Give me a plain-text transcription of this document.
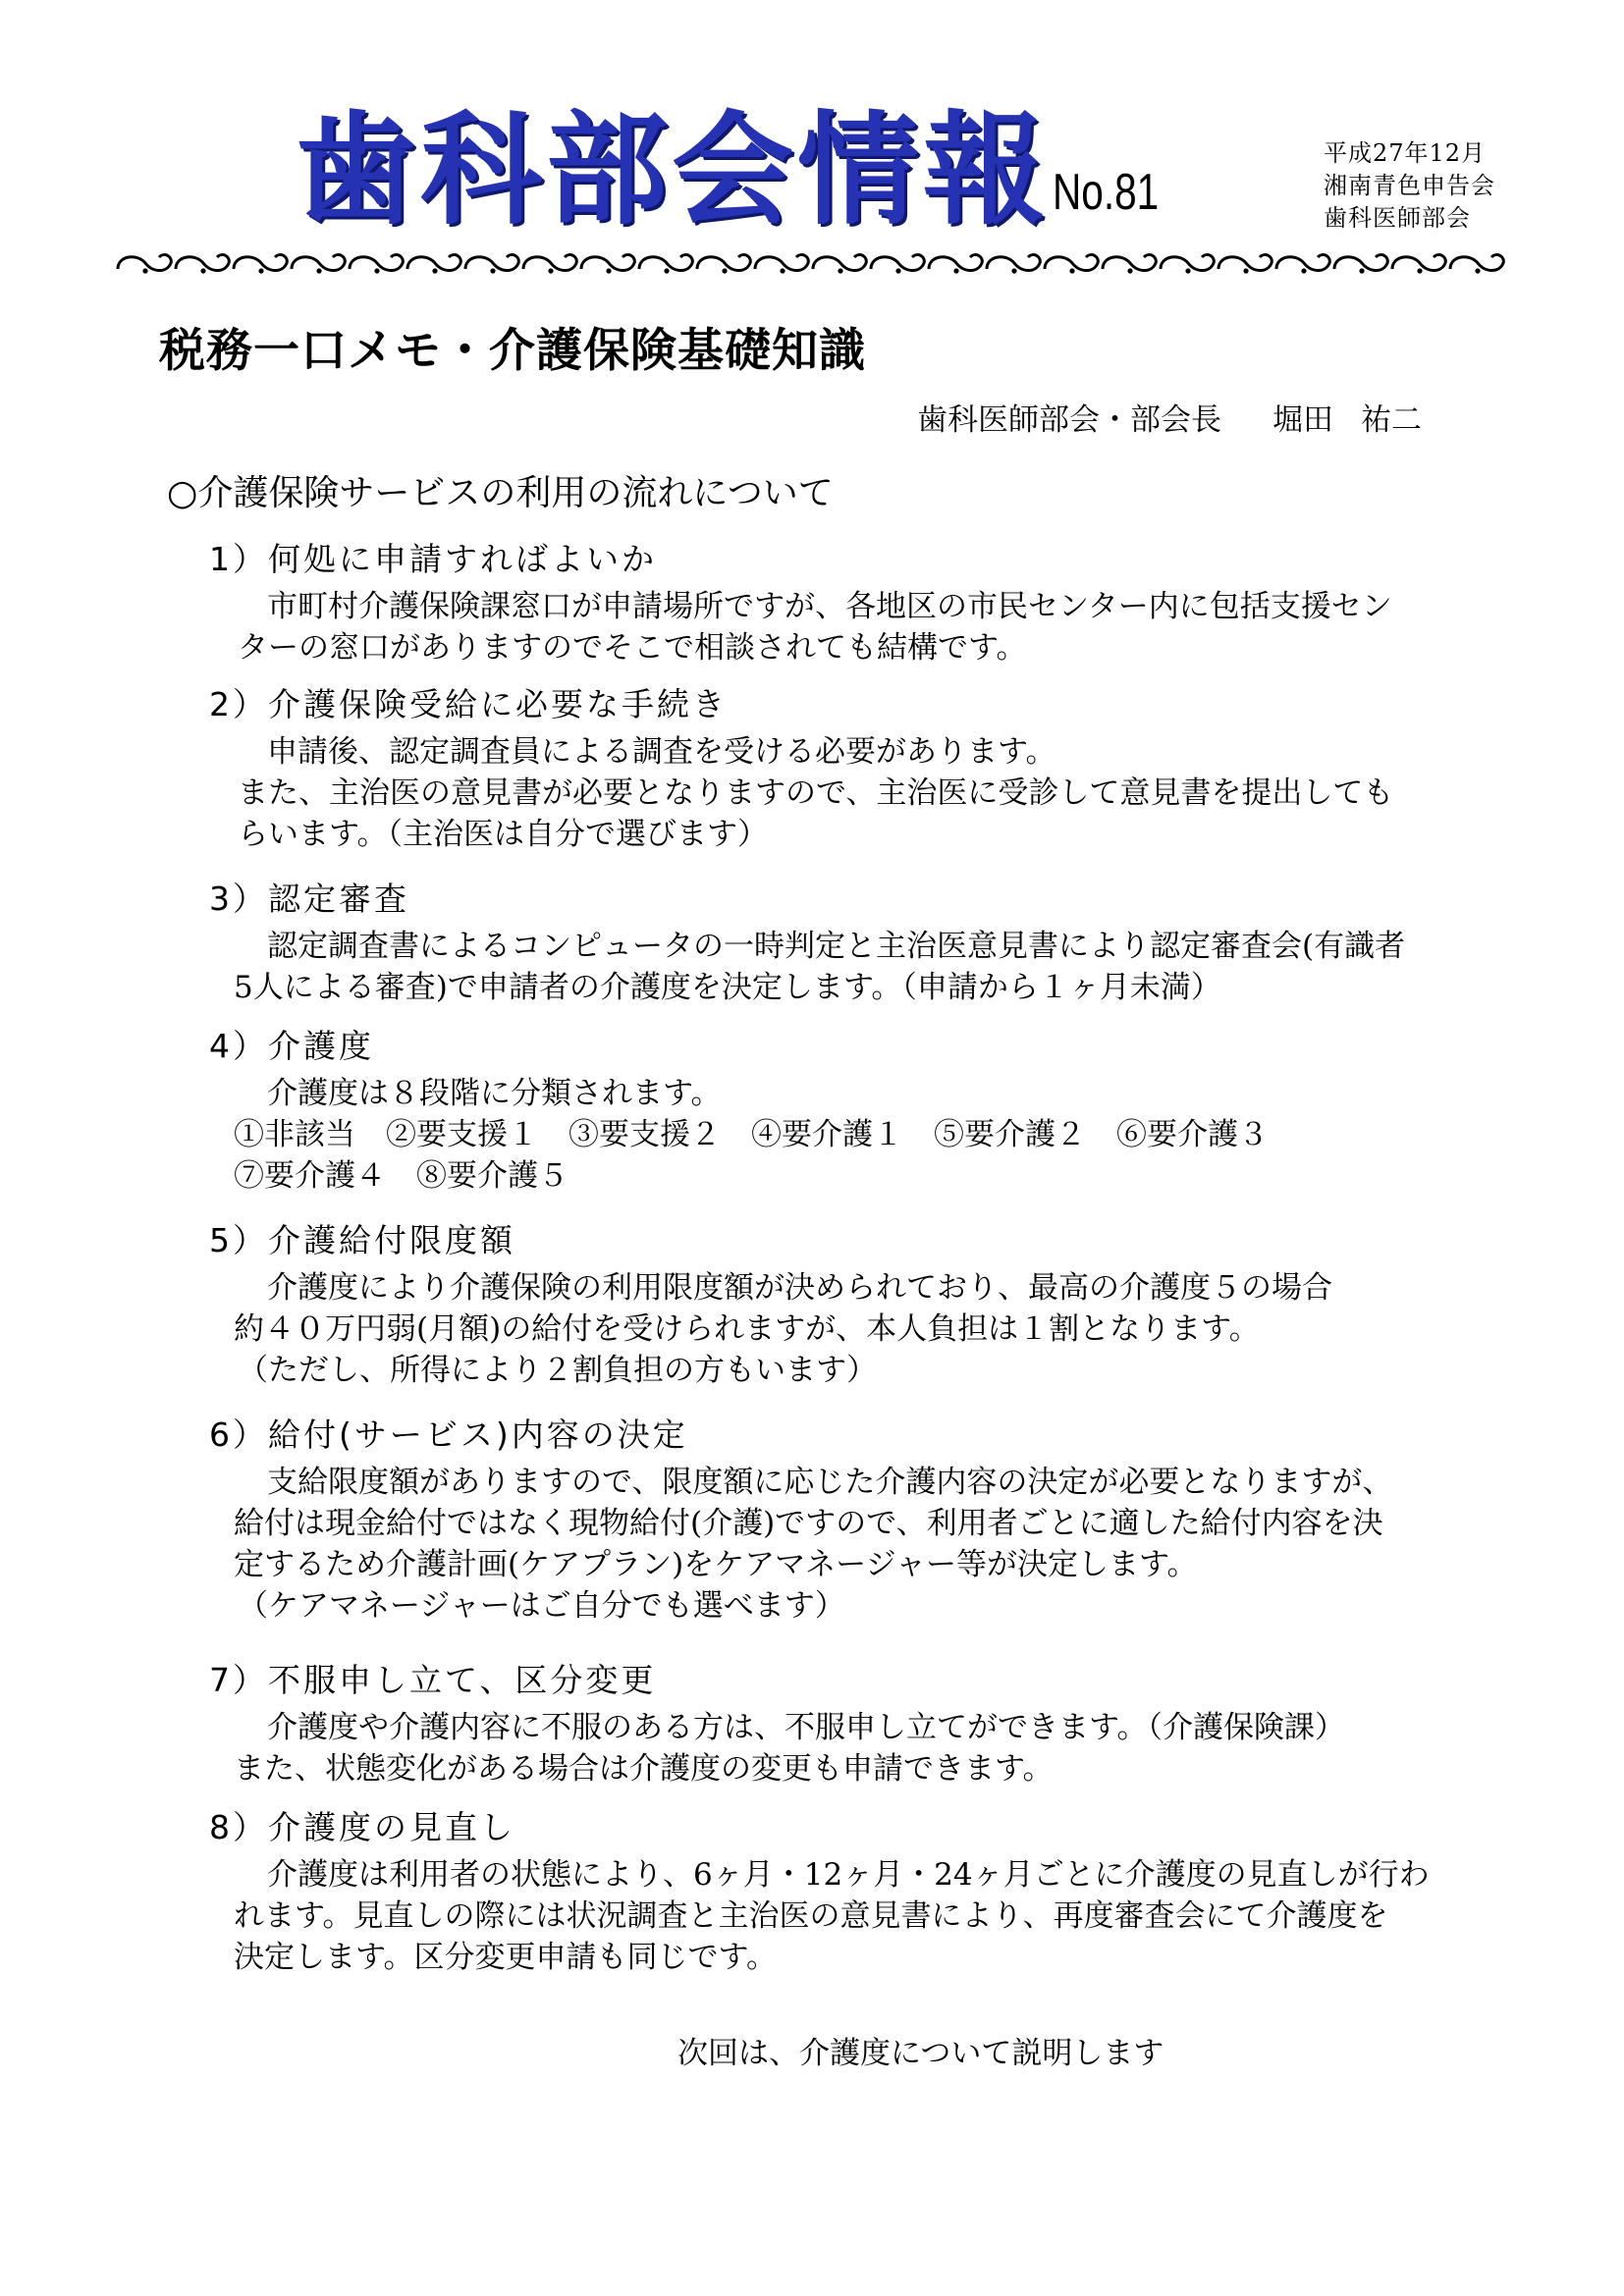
歯科部会情報 No.81
平成27年12月
湘南青色申告会
歯科医師部会
税務一口メモ・介護保険基礎知識
歯科医師部会・部会長 堀田 祐二
○介護保険サービスの利用の流れについて
1）何処に申請すればよいか
市町村介護保険課窓口が申請場所ですが、各地区の市民センター内に包括支援セン
ターの窓口がありますのでそこで相談されても結構です。
2）介護保険受給に必要な手続き
申請後、認定調査員による調査を受ける必要があります。
また、主治医の意見書が必要となりますので、主治医に受診して意見書を提出しても
らいます。（主治医は自分で選びます）
3）認定審査
認定調査書によるコンピュータの一時判定と主治医意見書により認定審査会(有識者
5人による審査)で申請者の介護度を決定します。（申請から１ヶ月未満）
4）介護度
介護度は８段階に分類されます。
①非該当　②要支援１　③要支援２　④要介護１　⑤要介護２　⑥要介護３
⑦要介護４　⑧要介護５
5）介護給付限度額
介護度により介護保険の利用限度額が決められており、最高の介護度５の場合
約４０万円弱(月額)の給付を受けられますが、本人負担は１割となります。
（ただし、所得により２割負担の方もいます）
6）給付(サービス)内容の決定
支給限度額がありますので、限度額に応じた介護内容の決定が必要となりますが、
給付は現金給付ではなく現物給付(介護)ですので、利用者ごとに適した給付内容を決
定するため介護計画(ケアプラン)をケアマネージャー等が決定します。
（ケアマネージャーはご自分でも選べます）
7）不服申し立て、区分変更
介護度や介護内容に不服のある方は、不服申し立てができます。（介護保険課）
また、状態変化がある場合は介護度の変更も申請できます。
8）介護度の見直し
介護度は利用者の状態により、6ヶ月・12ヶ月・24ヶ月ごとに介護度の見直しが行わ
れます。見直しの際には状況調査と主治医の意見書により、再度審査会にて介護度を
決定します。区分変更申請も同じです。
次回は、介護度について説明します
